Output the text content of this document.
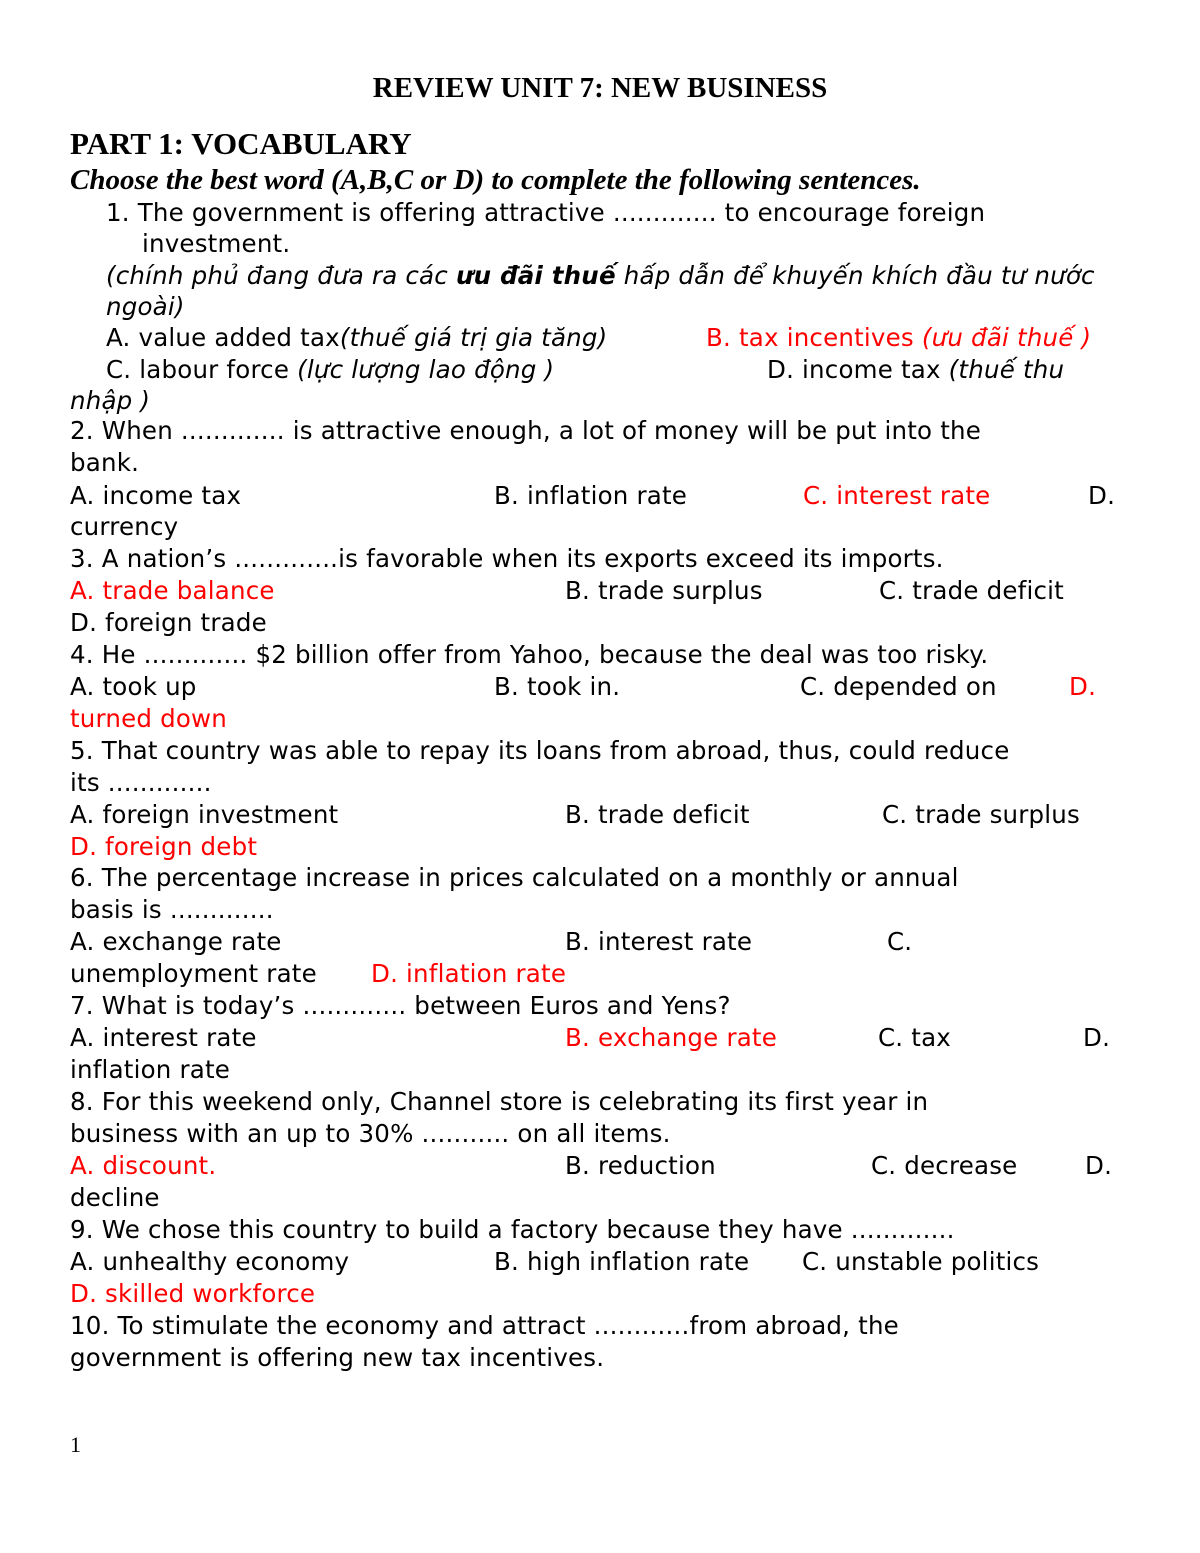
REVIEW UNIT 7: NEW BUSINESS
PART 1: VOCABULARY
Choose the best word (A,B,C or D) to complete the following sentences.
1. The government is offering attractive ............. to encourage foreign
investment.
(chính phủ đang đưa ra các ưu đãi thuế hấp dẫn để khuyến khích đầu tư nước
ngoài)
A. value added tax(thuế giá trị gia tăng)	B. tax incentives (ưu đãi thuế )
C. labour force (lực lượng lao động )	D. income tax (thuế thu
nhập )
2. When ............. is attractive enough, a lot of money will be put into the
bank.
A. income tax	B. inflation rate	C. interest rate	D.
currency
3. A nation’s .............is favorable when its exports exceed its imports.
A. trade balance	B. trade surplus	C. trade deficit
D. foreign trade
4. He ............. $2 billion offer from Yahoo, because the deal was too risky.
A. took up	B. took in.	C. depended on	D.
turned down
5. That country was able to repay its loans from abroad, thus, could reduce
its .............
A. foreign investment	B. trade deficit	C. trade surplus
D. foreign debt
6. The percentage increase in prices calculated on a monthly or annual
basis is .............
A. exchange rate	B. interest rate	C.
unemployment rate D. inflation rate
7. What is today’s ............. between Euros and Yens?
A. interest rate	B. exchange rate	C. tax	D.
inflation rate
8. For this weekend only, Channel store is celebrating its first year in
business with an up to 30% ........... on all items.
A. discount.	B. reduction	C. decrease	D.
decline
9. We chose this country to build a factory because they have .............
A. unhealthy economy	B. high inflation rate C. unstable politics
D. skilled workforce
10. To stimulate the economy and attract ............from abroad, the
government is offering new tax incentives.
1
